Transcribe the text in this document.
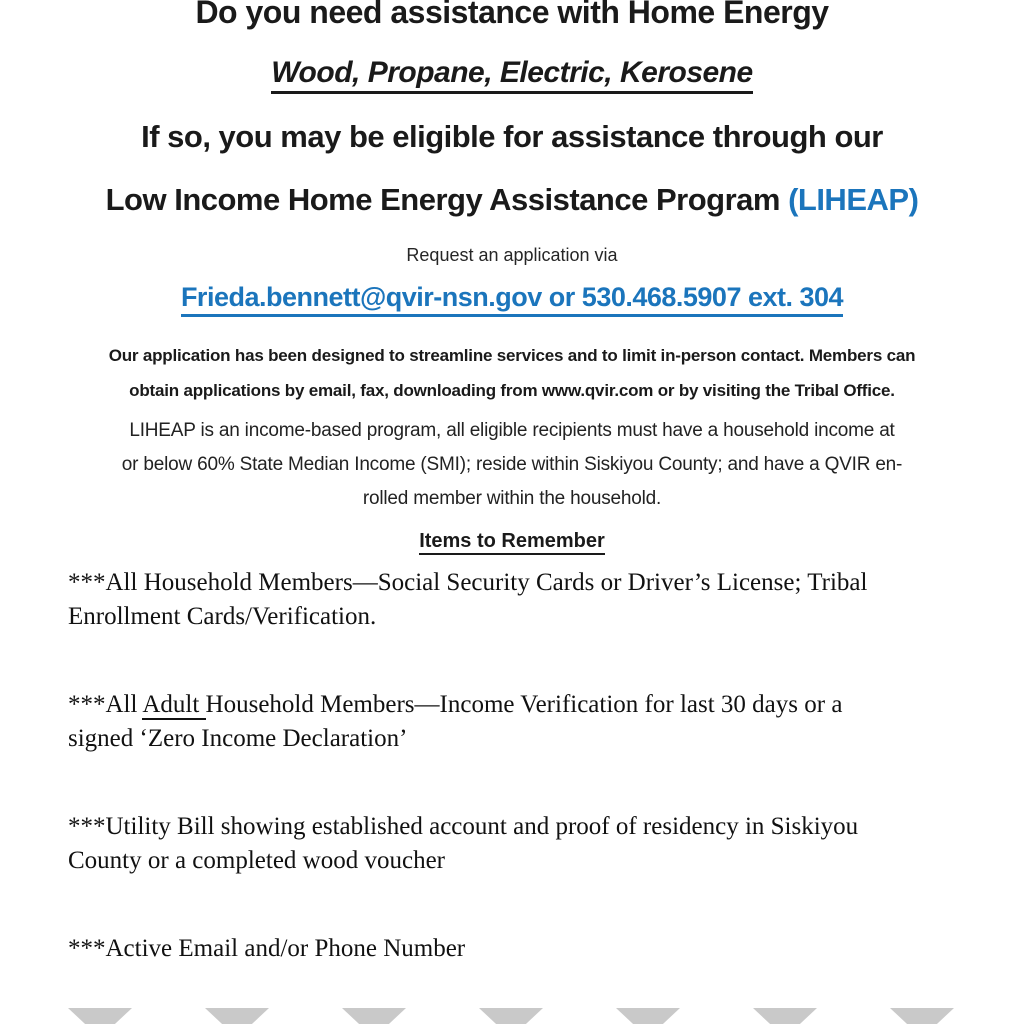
Do you need assistance with Home Energy
Wood, Propane, Electric, Kerosene
If so, you may be eligible for assistance through our
Low Income Home Energy Assistance Program (LIHEAP)
Request an application via
Frieda.bennett@qvir-nsn.gov or 530.468.5907 ext. 304
Our application has been designed to streamline services and to limit in-person contact. Members can
obtain applications by email, fax, downloading from www.qvir.com or by visiting the Tribal Office.
LIHEAP is an income-based program, all eligible recipients must have a household income at
or below 60% State Median Income (SMI); reside within Siskiyou County; and have a QVIR en-
rolled member within the household.
Items to Remember
***All Household Members—Social Security Cards or Driver’s License; Tribal
Enrollment Cards/Verification.
***All Adult Household Members—Income Verification for last 30 days or a
signed ‘Zero Income Declaration’
***Utility Bill showing established account and proof of residency in Siskiyou
County or a completed wood voucher
***Active Email and/or Phone Number
